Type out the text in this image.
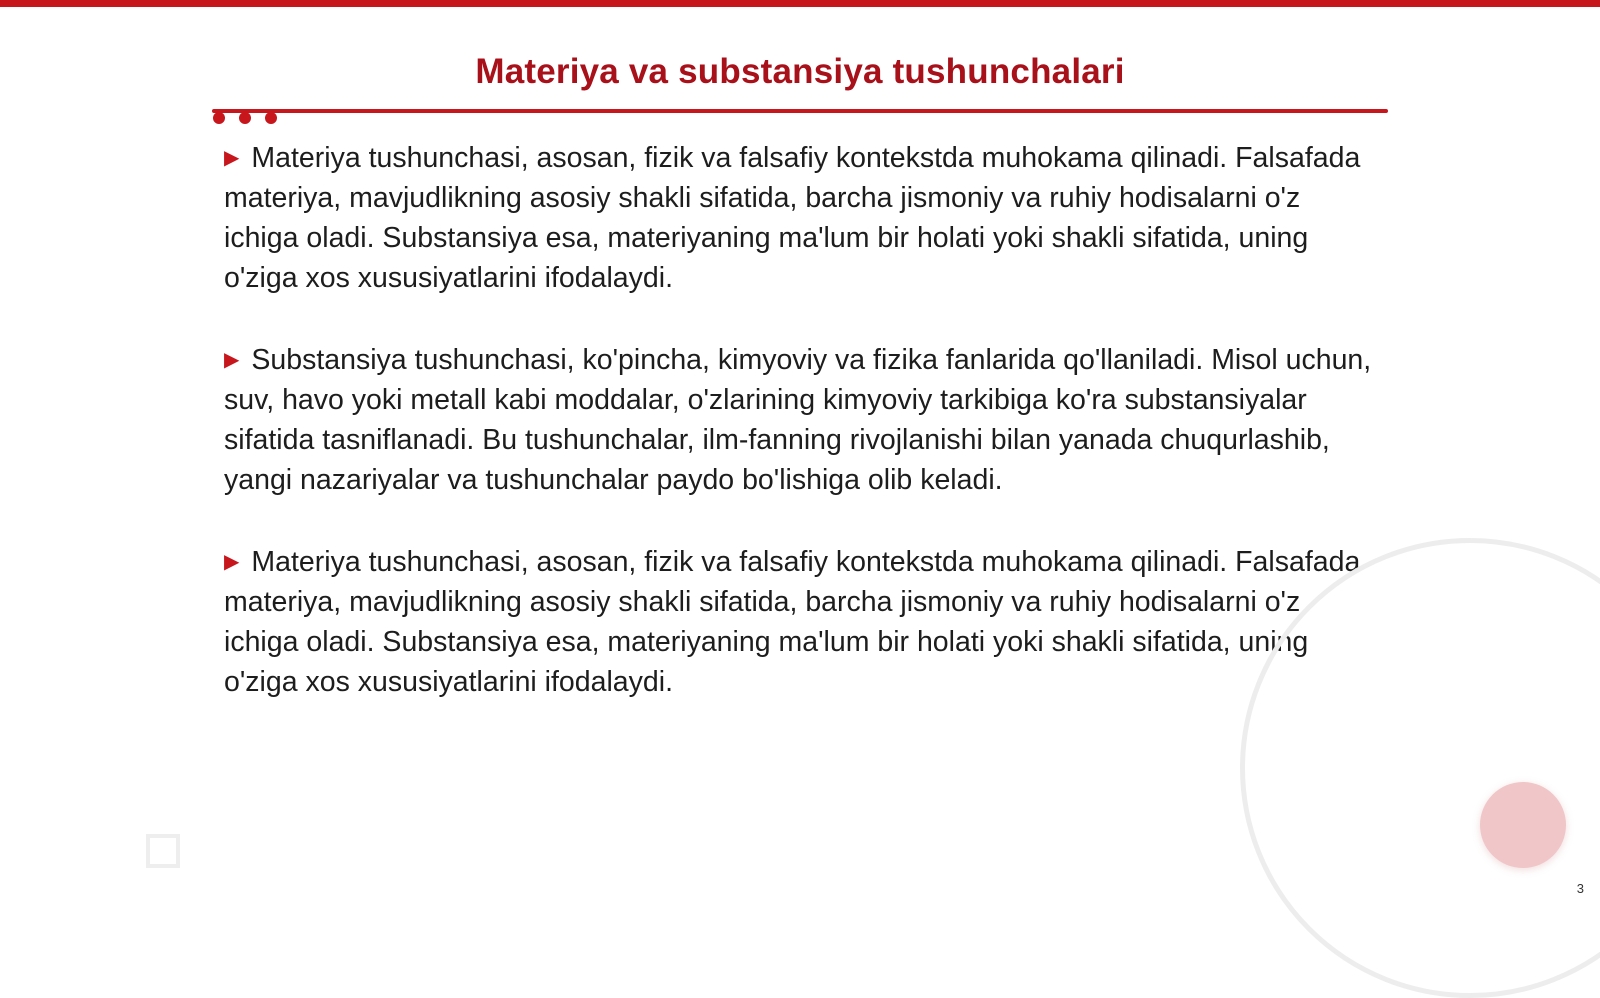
Materiya va substansiya tushunchalari

▶ Materiya tushunchasi, asosan, fizik va falsafiy kontekstda muhokama qilinadi. Falsafada materiya, mavjudlikning asosiy shakli sifatida, barcha jismoniy va ruhiy hodisalarni o'z ichiga oladi. Substansiya esa, materiyaning ma'lum bir holati yoki shakli sifatida, uning o'ziga xos xususiyatlarini ifodalaydi.

▶ Substansiya tushunchasi, ko'pincha, kimyoviy va fizika fanlarida qo'llaniladi. Misol uchun, suv, havo yoki metall kabi moddalar, o'zlarining kimyoviy tarkibiga ko'ra substansiyalar sifatida tasniflanadi. Bu tushunchalar, ilm-fanning rivojlanishi bilan yanada chuqurlashib, yangi nazariyalar va tushunchalar paydo bo'lishiga olib keladi.

▶ Materiya tushunchasi, asosan, fizik va falsafiy kontekstda muhokama qilinadi. Falsafada materiya, mavjudlikning asosiy shakli sifatida, barcha jismoniy va ruhiy hodisalarni o'z ichiga oladi. Substansiya esa, materiyaning ma'lum bir holati yoki shakli sifatida, uning o'ziga xos xususiyatlarini ifodalaydi.

3
